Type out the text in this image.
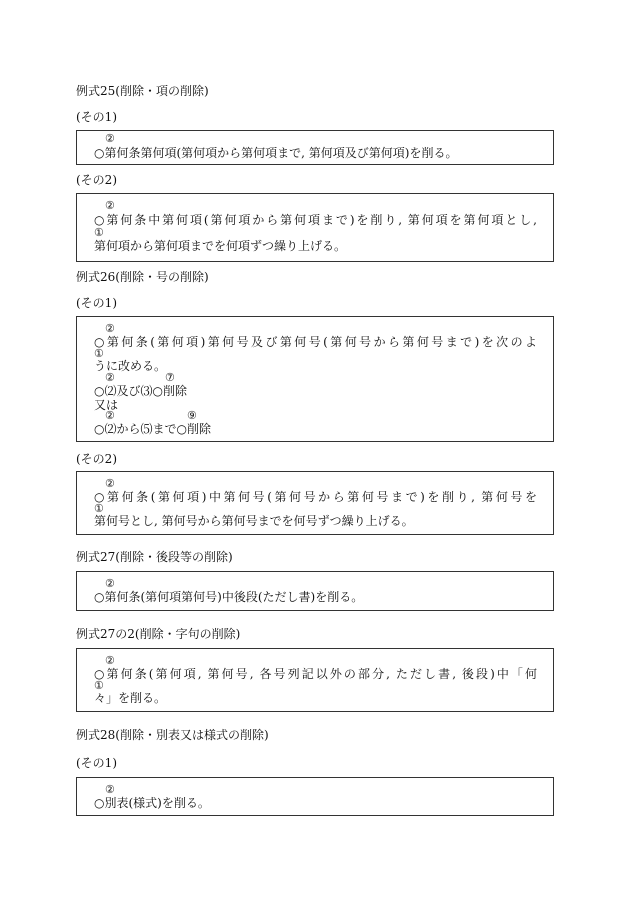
例式25(削除・項の削除)
(その1)
②
○第何条第何項(第何項から第何項まで, 第何項及び第何項)を削る。
(その2)
②
○第何条中第何項(第何項から第何項まで)を削り, 第何項を第何項とし,
①
第何項から第何項までを何項ずつ繰り上げる。
例式26(削除・号の削除)
(その1)
②
○第何条(第何項)第何号及び第何号(第何号から第何号まで)を次のよ
①
うに改める。
②	⑦
○⑵及び⑶○削除
又は
②	⑨
○⑵から⑸まで○削除
(その2)
②
○第何条(第何項)中第何号(第何号から第何号まで)を削り, 第何号を
①
第何号とし, 第何号から第何号までを何号ずつ繰り上げる。
例式27(削除・後段等の削除)
②
○第何条(第何項第何号)中後段(ただし書)を削る。
例式27の2(削除・字句の削除)
②
○第何条(第何項, 第何号, 各号列記以外の部分, ただし書, 後段)中「何
①
々」を削る。
例式28(削除・別表又は様式の削除)
(その1)
②
○別表(様式)を削る。
